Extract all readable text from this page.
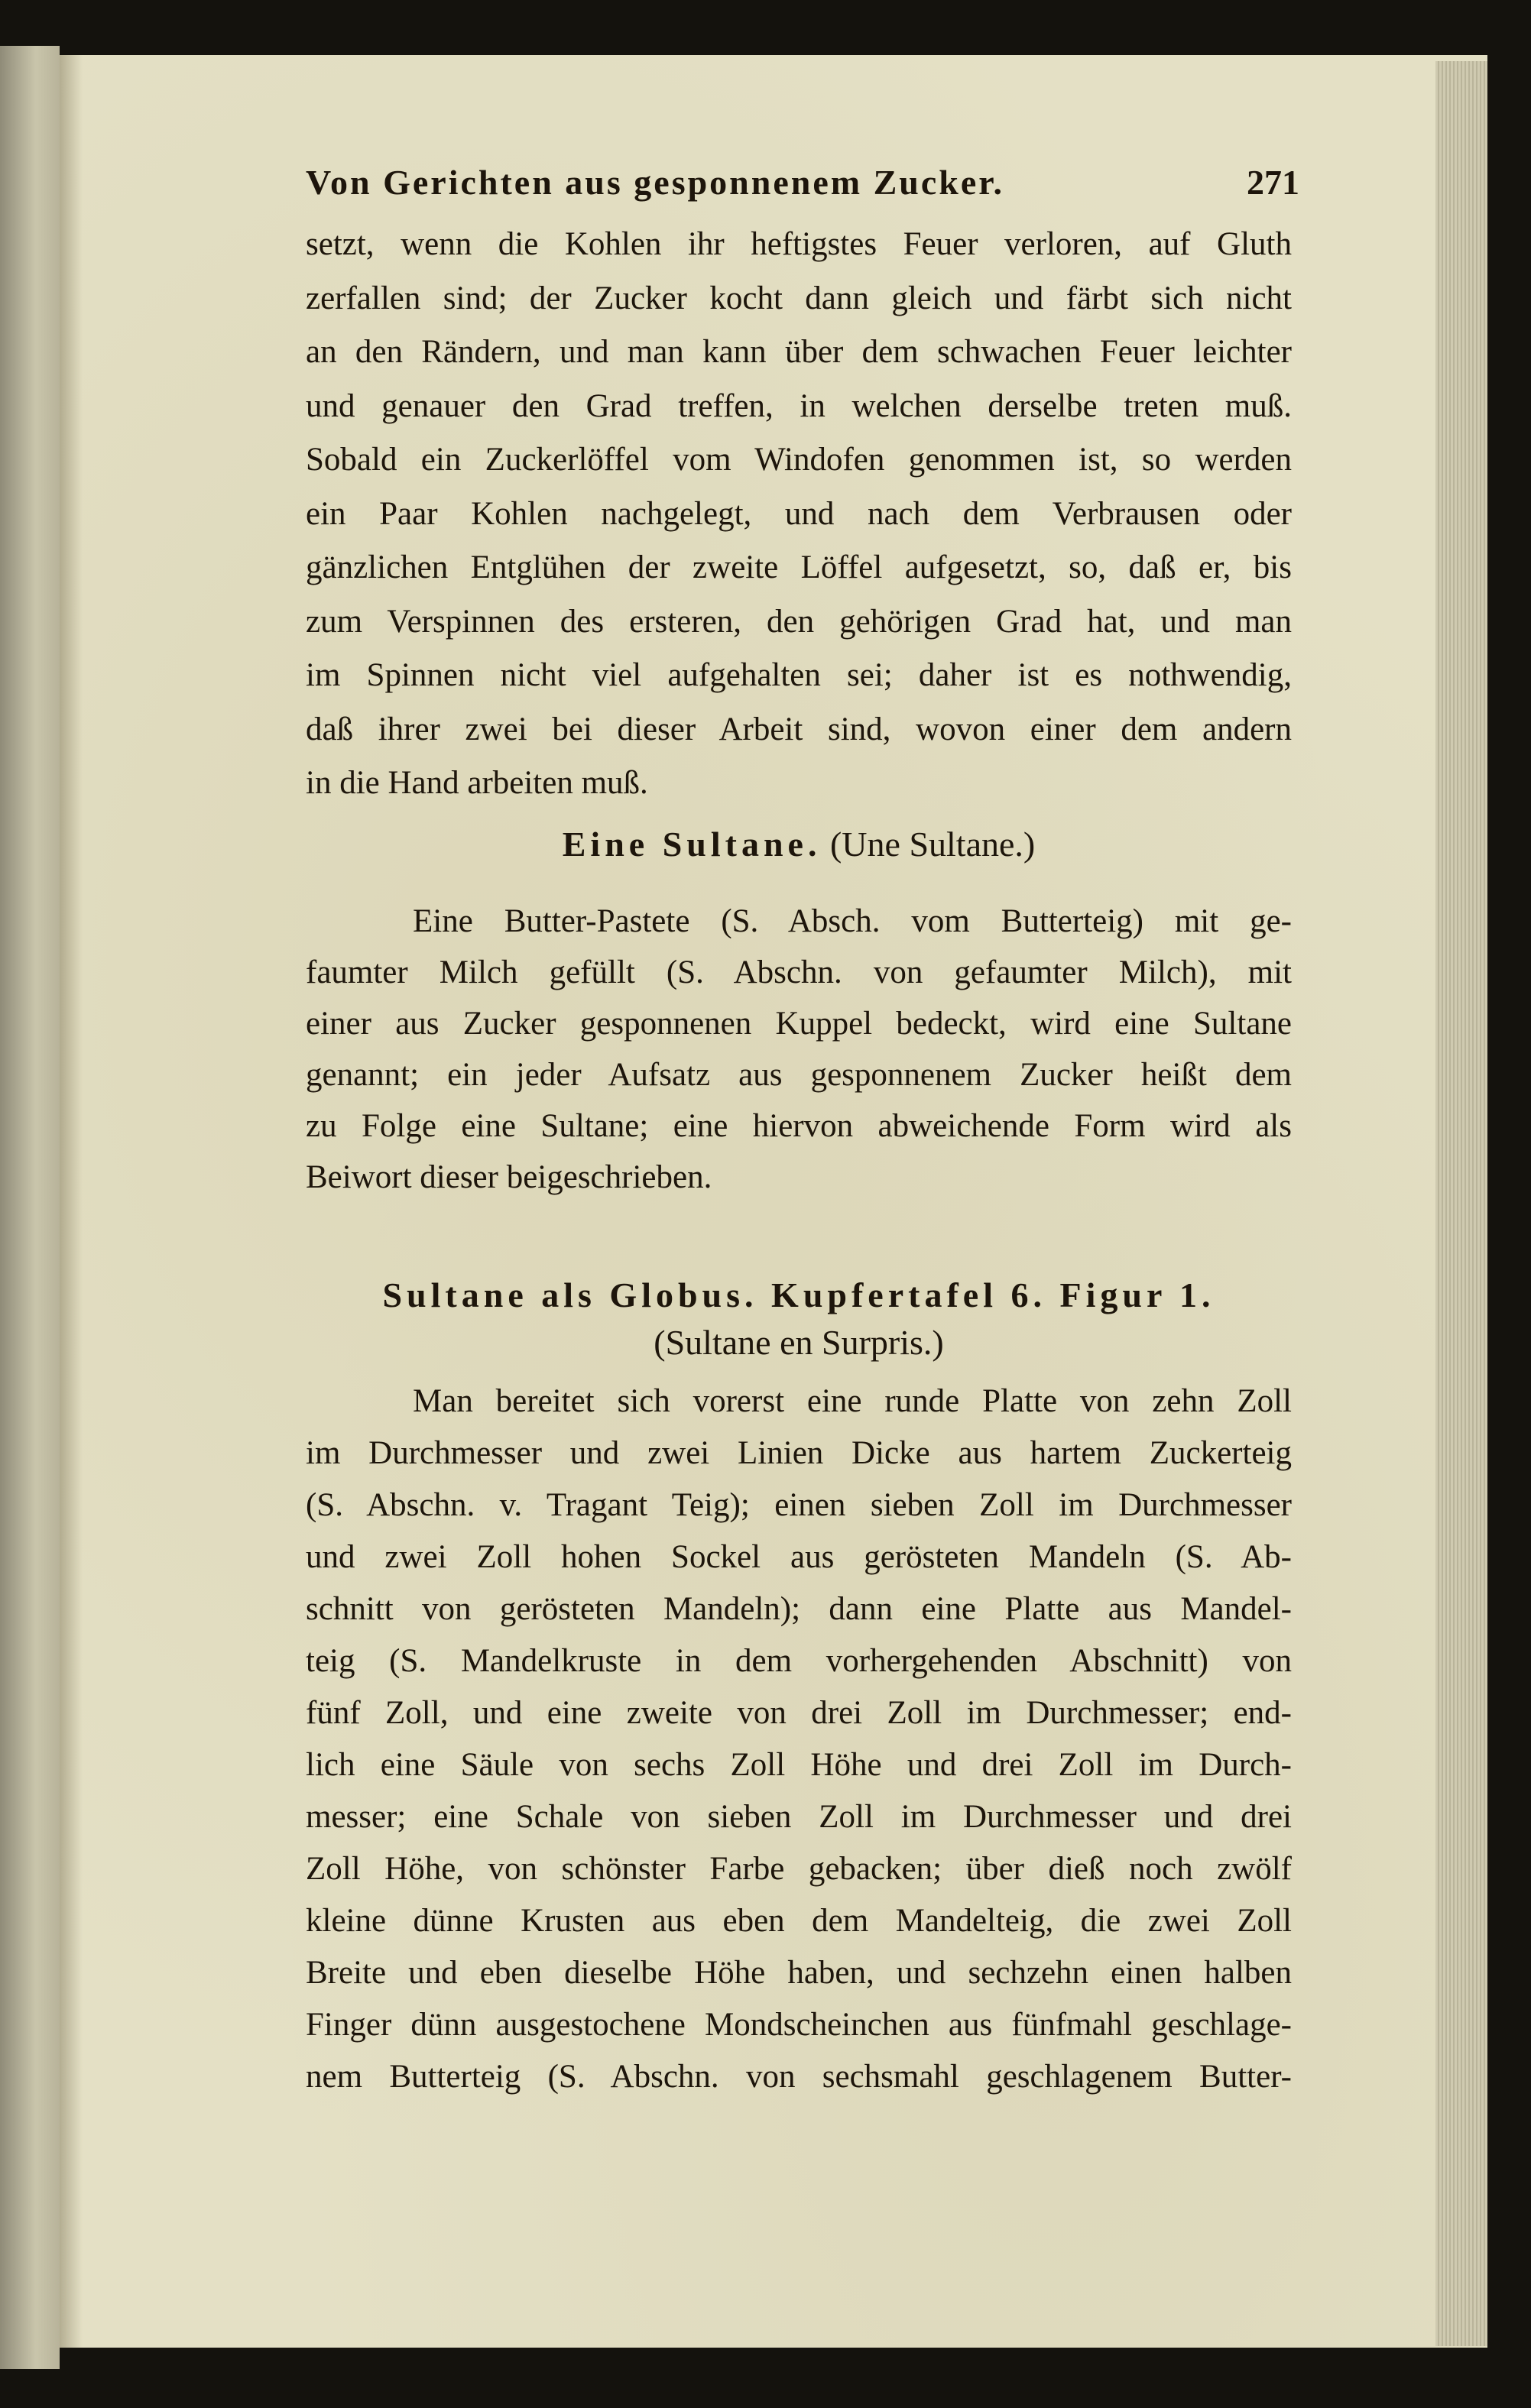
Von Gerichten aus gesponnenem Zucker.	271
setzt, wenn die Kohlen ihr heftigstes Feuer verloren, auf Gluth
zerfallen sind; der Zucker kocht dann gleich und färbt sich nicht
an den Rändern, und man kann über dem schwachen Feuer leichter
und genauer den Grad treffen, in welchen derselbe treten muß.
Sobald ein Zuckerlöffel vom Windofen genommen ist, so werden
ein Paar Kohlen nachgelegt, und nach dem Verbrausen oder
gänzlichen Entglühen der zweite Löffel aufgesetzt, so, daß er, bis
zum Verspinnen des ersteren, den gehörigen Grad hat, und man
im Spinnen nicht viel aufgehalten sei; daher ist es nothwendig,
daß ihrer zwei bei dieser Arbeit sind, wovon einer dem andern
in die Hand arbeiten muß.
Eine Sultane. (Une Sultane.)
Eine Butter-Pastete (S. Absch. vom Butterteig) mit ge-
faumter Milch gefüllt (S. Abschn. von gefaumter Milch), mit
einer aus Zucker gesponnenen Kuppel bedeckt, wird eine Sultane
genannt; ein jeder Aufsatz aus gesponnenem Zucker heißt dem
zu Folge eine Sultane; eine hiervon abweichende Form wird als
Beiwort dieser beigeschrieben.
Sultane als Globus. Kupfertafel 6. Figur 1.
(Sultane en Surpris.)
Man bereitet sich vorerst eine runde Platte von zehn Zoll
im Durchmesser und zwei Linien Dicke aus hartem Zuckerteig
(S. Abschn. v. Tragant Teig); einen sieben Zoll im Durchmesser
und zwei Zoll hohen Sockel aus gerösteten Mandeln (S. Ab-
schnitt von gerösteten Mandeln); dann eine Platte aus Mandel-
teig (S. Mandelkruste in dem vorhergehenden Abschnitt) von
fünf Zoll, und eine zweite von drei Zoll im Durchmesser; end-
lich eine Säule von sechs Zoll Höhe und drei Zoll im Durch-
messer; eine Schale von sieben Zoll im Durchmesser und drei
Zoll Höhe, von schönster Farbe gebacken; über dieß noch zwölf
kleine dünne Krusten aus eben dem Mandelteig, die zwei Zoll
Breite und eben dieselbe Höhe haben, und sechzehn einen halben
Finger dünn ausgestochene Mondscheinchen aus fünfmahl geschlage-
nem Butterteig (S. Abschn. von sechsmahl geschlagenem Butter-
